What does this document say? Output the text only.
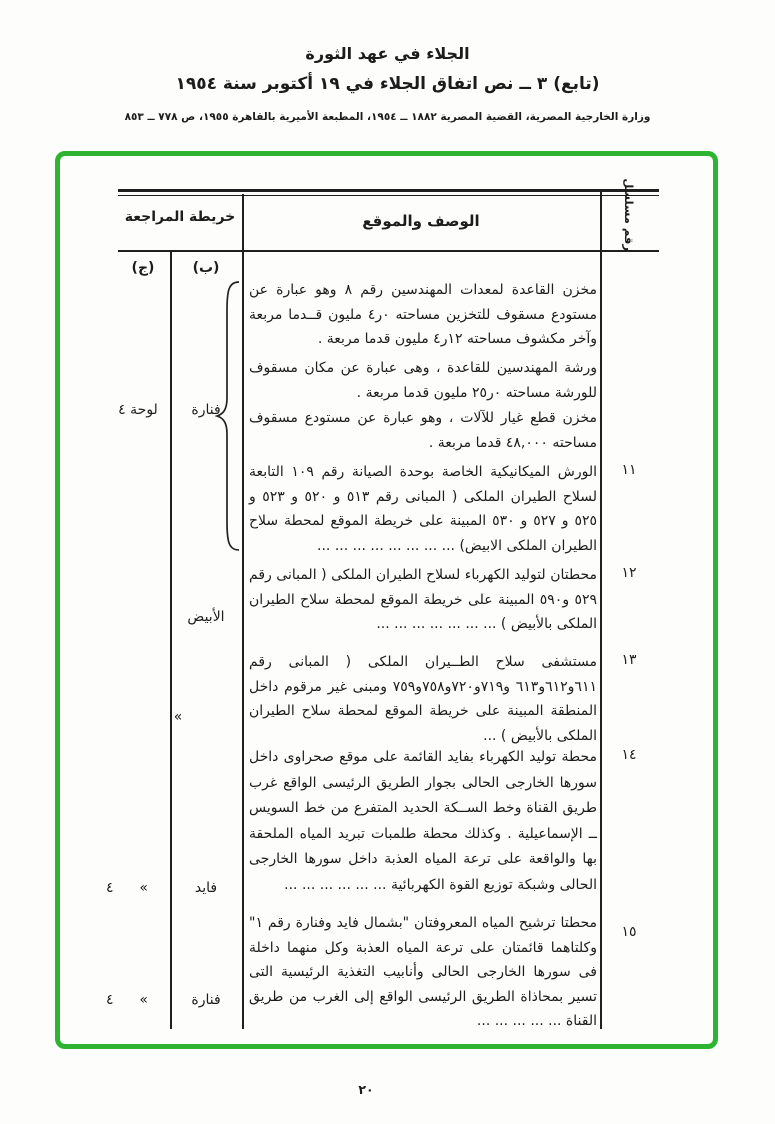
الجلاء في عهد الثورة
(تابع) ٣ ــ نص اتفاق الجلاء في ١٩ أكتوبر سنة ١٩٥٤
وزارة الخارجية المصرية، القضية المصرية ١٨٨٢ ــ ١٩٥٤، المطبعة الأميرية بالقاهرة ١٩٥٥، ص ٧٧٨ ــ ٨٥٣
رقم مسلسل
الوصف والموقع
خريطة المراجعة
(ب)
(ج)
مخزن القاعدة لمعدات المهندسين رقم ٨ وهو عبارة عن مستودع مسقوف للتخزين مساحته ٠ر٤ مليون قــدما مربعة وآخر مكشوف مساحته ١٢ر٤ مليون قدما مربعة .
ورشة المهندسين للقاعدة ، وهى عبارة عن مكان مسقوف للورشة مساحته ٠ر٢٥ مليون قدما مربعة .
مخزن قطع غيار للآلات ، وهو عبارة عن مستودع مسقوف مساحته ٤٨,٠٠٠ قدما مربعة .
الورش الميكانيكية الخاصة بوحدة الصيانة رقم ١٠٩ التابعة لسلاح الطيران الملكى ( المبانى رقم ٥١٣ و ٥٢٠ و ٥٢٣ و ٥٢٥ و ٥٢٧ و ٥٣٠ المبينة على خريطة الموقع لمحطة سلاح الطيران الملكى الابيض) ... ... ... ... ... ... ... ...
محطتان لتوليد الكهرباء لسلاح الطيران الملكى ( المبانى رقم ٥٢٩ و٥٩٠ المبينة على خريطة الموقع لمحطة سلاح الطيران الملكى بالأبيض ) ... ... ... ... ... ... ...
مستشفى سلاح الطــيران الملكى ( المبانى رقم ٦١١و٦١٢و٦١٣ و٧١٩و٧٢٠و٧٥٨و٧٥٩ ومبنى غير مرقوم داخل المنطقة المبينة على خريطة الموقع لمحطة سلاح الطيران الملكى بالأبيض ) ...
محطة توليد الكهرباء بفايد القائمة على موقع صحراوى داخل سورها الخارجى الحالى بجوار الطريق الرئيسى الواقع غرب طريق القناة وخط الســكة الحديد المتفرع من خط السويس ــ الإسماعيلية . وكذلك محطة طلمبات تبريد المياه الملحقة بها والواقعة على ترعة المياه العذبة داخل سورها الخارجى الحالى وشبكة توزيع القوة الكهربائية ... ... ... ... ... ...
محطتا ترشيح المياه المعروفتان "بشمال فايد وفنارة رقم ١" وكلتاهما قائمتان على ترعة المياه العذبة وكل منهما داخلة فى سورها الخارجى الحالى وأنابيب التغذية الرئيسية التى تسير بمحاذاة الطريق الرئيسى الواقع إلى الغرب من طريق القناة ... ... ... ... ...
١١
١٢
١٣
١٤
١٥
فنارة
لوحة ٤
الأبيض
»
فايد
»
٤
فنارة
»
٤
٢٠
